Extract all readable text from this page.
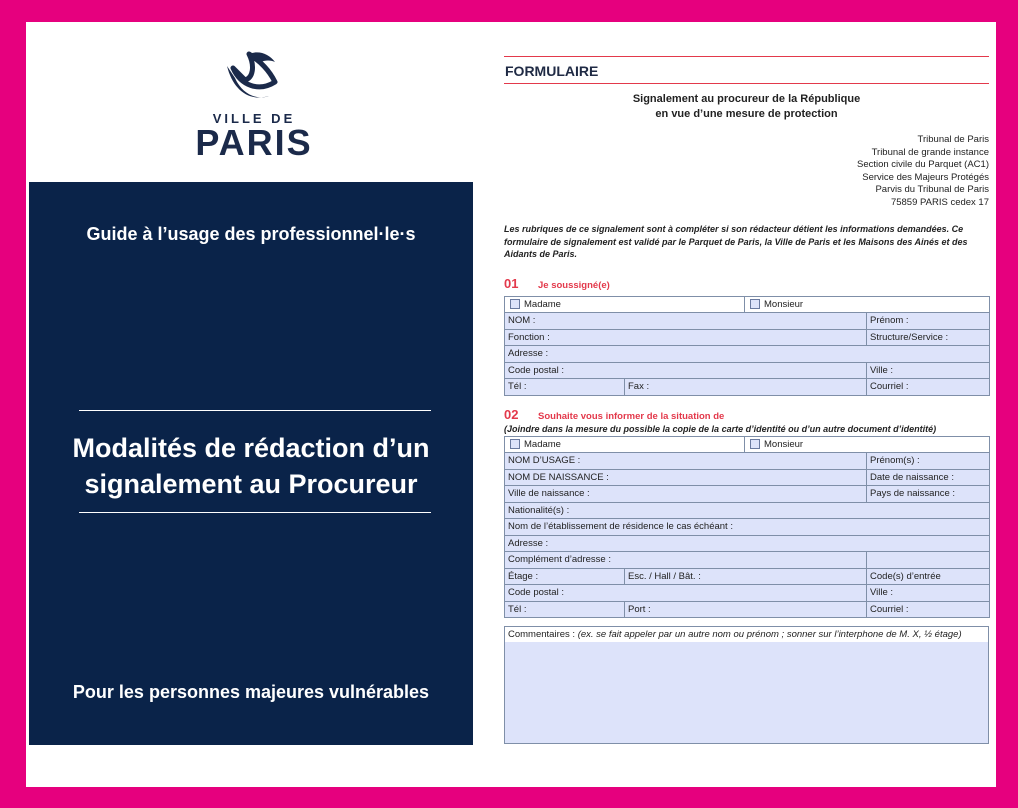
VILLE DE
PARIS
Guide à l’usage des professionnel·le·s
Modalités de rédaction d’un
signalement au Procureur
Pour les personnes majeures vulnérables
FORMULAIRE
Signalement au procureur de la République
en vue d’une mesure de protection
Tribunal de Paris
Tribunal de grande instance
Section civile du Parquet (AC1)
Service des Majeurs Protégés
Parvis du Tribunal de Paris
75859 PARIS cedex 17
Les rubriques de ce signalement sont à compléter si son rédacteur détient les informations demandées. Ce formulaire de signalement est validé par le Parquet de Paris, la Ville de Paris et les Maisons des Ainés et des Aidants de Paris.
01 Je soussigné(e)
Madame		Monsieur	
NOM :			Prénom :
Fonction :			Structure/Service :
Adresse :			
Code postal :			Ville :
Tél :	Fax :		Courriel :
02 Souhaite vous informer de la situation de
(Joindre dans la mesure du possible la copie de la carte d’identité ou d’un autre document d’identité)
Madame		Monsieur	
NOM D’USAGE :			Prénom(s) :
NOM DE NAISSANCE :			Date de naissance :
Ville de naissance :			Pays de naissance :
Nationalité(s) :			
Nom de l’établissement de résidence le cas échéant :			
Adresse :			
Complément d’adresse :			
Étage :	Esc. / Hall / Bât. :		Code(s) d’entrée
Code postal :			Ville :
Tél :	Port :		Courriel :
Commentaires : (ex. se fait appeler par un autre nom ou prénom ; sonner sur l’interphone de M. X, ½ étage)
